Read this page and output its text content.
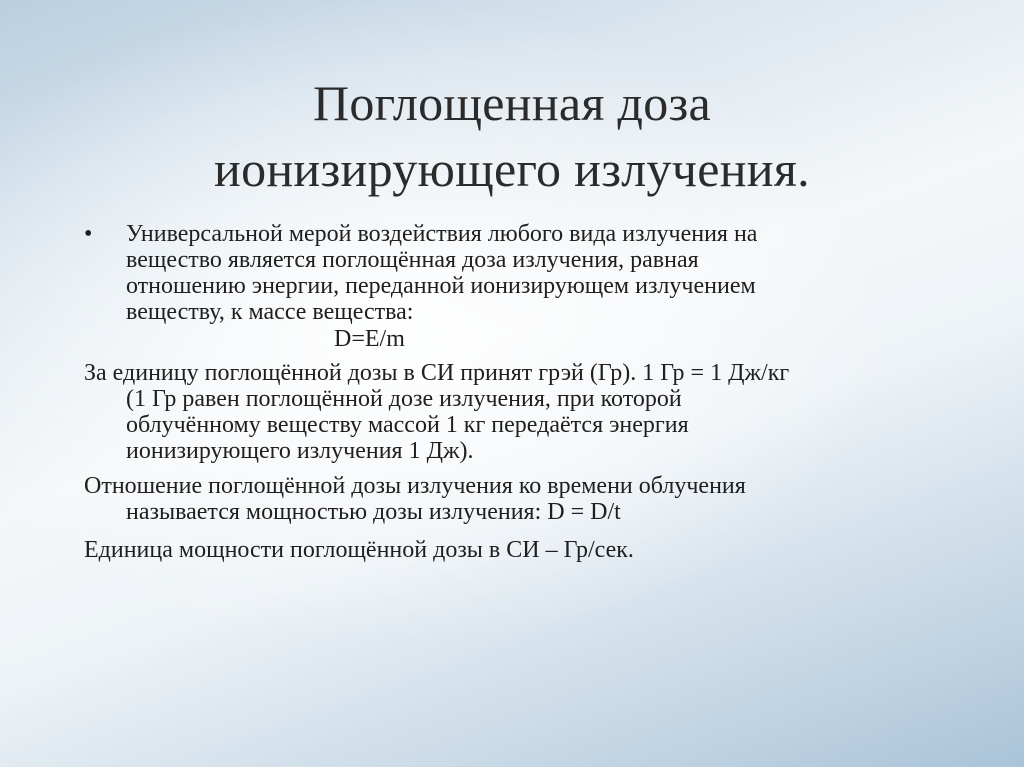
Поглощенная доза
ионизирующего излучения.
•	Универсальной мерой воздействия любого вида излучения на
вещество является поглощённая доза излучения, равная
отношению энергии, переданной ионизирующем излучением
веществу, к массе вещества:
D=E/m
За единицу поглощённой дозы в СИ принят грэй (Гр). 1 Гр = 1 Дж/кг
(1 Гр равен поглощённой дозе излучения, при которой
облучённому веществу массой 1 кг передаётся энергия
ионизирующего излучения 1 Дж).
Отношение поглощённой дозы излучения ко времени облучения
называется мощностью дозы излучения: D = D/t
Единица мощности поглощённой дозы в СИ – Гр/сек.
